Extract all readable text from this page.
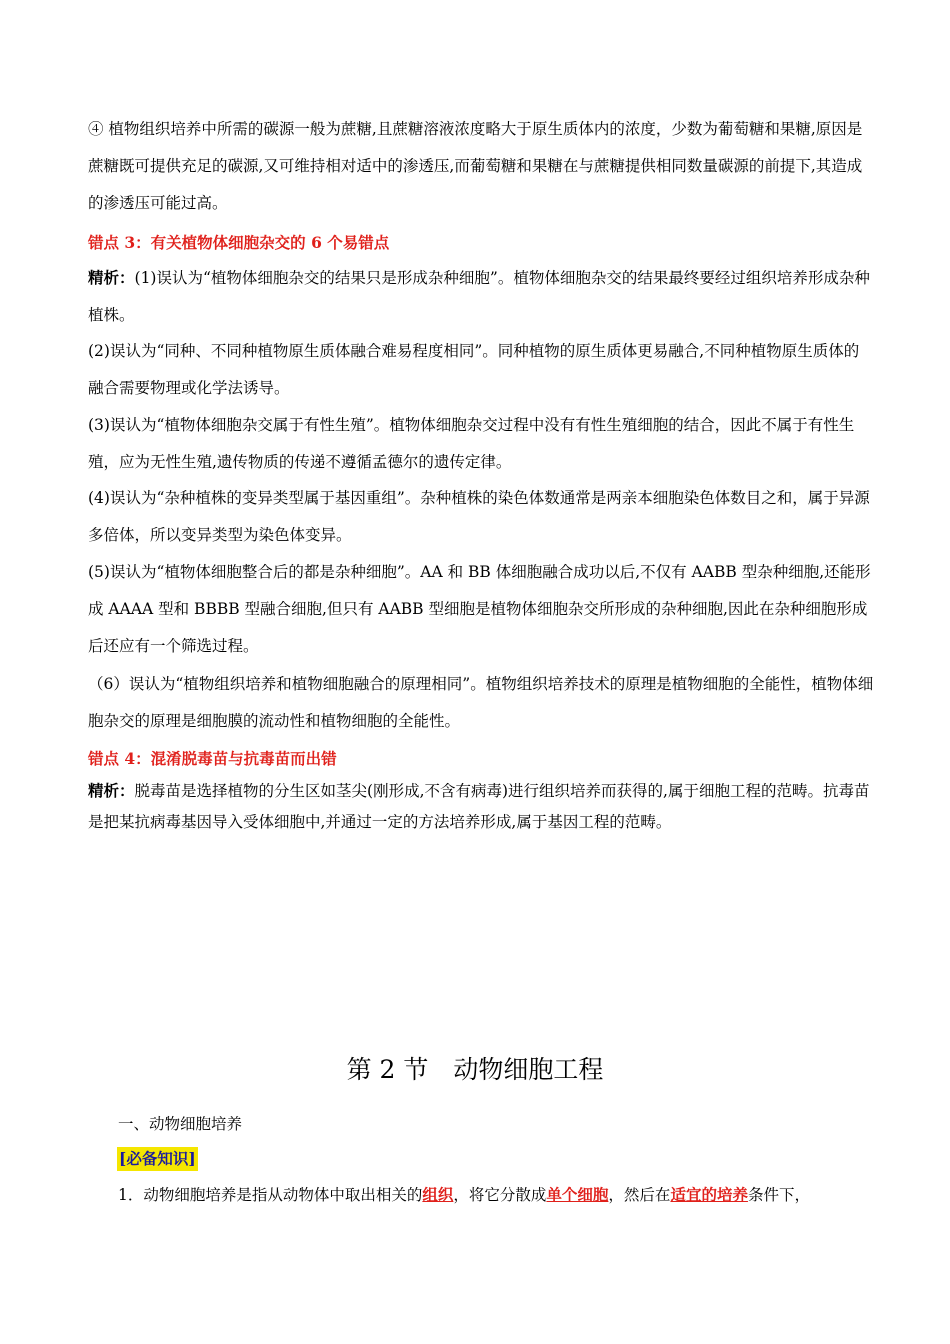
④ 植物组织培养中所需的碳源一般为蔗糖,且蔗糖溶液浓度略大于原生质体内的浓度，少数为葡萄糖和果糖,原因是蔗糖既可提供充足的碳源,又可维持相对适中的渗透压,而葡萄糖和果糖在与蔗糖提供相同数量碳源的前提下,其造成的渗透压可能过高。

错点 3：有关植物体细胞杂交的 6 个易错点

精析：(1)误认为“植物体细胞杂交的结果只是形成杂种细胞”。植物体细胞杂交的结果最终要经过组织培养形成杂种植株。

(2)误认为“同种、不同种植物原生质体融合难易程度相同”。同种植物的原生质体更易融合,不同种植物原生质体的融合需要物理或化学法诱导。

(3)误认为“植物体细胞杂交属于有性生殖”。植物体细胞杂交过程中没有有性生殖细胞的结合，因此不属于有性生殖，应为无性生殖,遗传物质的传递不遵循孟德尔的遗传定律。

(4)误认为“杂种植株的变异类型属于基因重组”。杂种植株的染色体数通常是两亲本细胞染色体数目之和，属于异源多倍体，所以变异类型为染色体变异。

(5)误认为“植物体细胞整合后的都是杂种细胞”。AA 和 BB 体细胞融合成功以后,不仅有 AABB 型杂种细胞,还能形成 AAAA 型和 BBBB 型融合细胞,但只有 AABB 型细胞是植物体细胞杂交所形成的杂种细胞,因此在杂种细胞形成后还应有一个筛选过程。

（6）误认为“植物组织培养和植物细胞融合的原理相同”。植物组织培养技术的原理是植物细胞的全能性，植物体细胞杂交的原理是细胞膜的流动性和植物细胞的全能性。

错点 4：混淆脱毒苗与抗毒苗而出错

精析：脱毒苗是选择植物的分生区如茎尖(刚形成,不含有病毒)进行组织培养而获得的,属于细胞工程的范畴。抗毒苗是把某抗病毒基因导入受体细胞中,并通过一定的方法培养形成,属于基因工程的范畴。

第 2 节　动物细胞工程
一、动物细胞培养
[必备知识]

1．动物细胞培养是指从动物体中取出相关的组织，将它分散成单个细胞，然后在适宜的培养条件下，
